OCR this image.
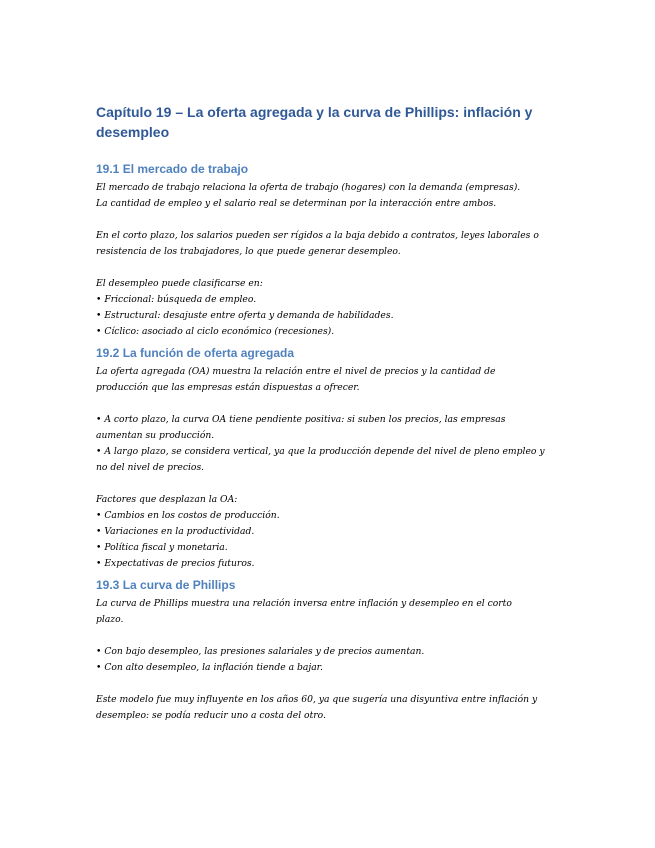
Capítulo 19 – La oferta agregada y la curva de Phillips: inflación y
desempleo
19.1 El mercado de trabajo
El mercado de trabajo relaciona la oferta de trabajo (hogares) con la demanda (empresas).
La cantidad de empleo y el salario real se determinan por la interacción entre ambos.
En el corto plazo, los salarios pueden ser rígidos a la baja debido a contratos, leyes laborales o
resistencia de los trabajadores, lo que puede generar desempleo.
El desempleo puede clasificarse en:
• Friccional: búsqueda de empleo.
• Estructural: desajuste entre oferta y demanda de habilidades.
• Cíclico: asociado al ciclo económico (recesiones).
19.2 La función de oferta agregada
La oferta agregada (OA) muestra la relación entre el nivel de precios y la cantidad de
producción que las empresas están dispuestas a ofrecer.
• A corto plazo, la curva OA tiene pendiente positiva: si suben los precios, las empresas
aumentan su producción.
• A largo plazo, se considera vertical, ya que la producción depende del nivel de pleno empleo y
no del nivel de precios.
Factores que desplazan la OA:
• Cambios en los costos de producción.
• Variaciones en la productividad.
• Política fiscal y monetaria.
• Expectativas de precios futuros.
19.3 La curva de Phillips
La curva de Phillips muestra una relación inversa entre inflación y desempleo en el corto
plazo.
• Con bajo desempleo, las presiones salariales y de precios aumentan.
• Con alto desempleo, la inflación tiende a bajar.
Este modelo fue muy influyente en los años 60, ya que sugería una disyuntiva entre inflación y
desempleo: se podía reducir uno a costa del otro.
